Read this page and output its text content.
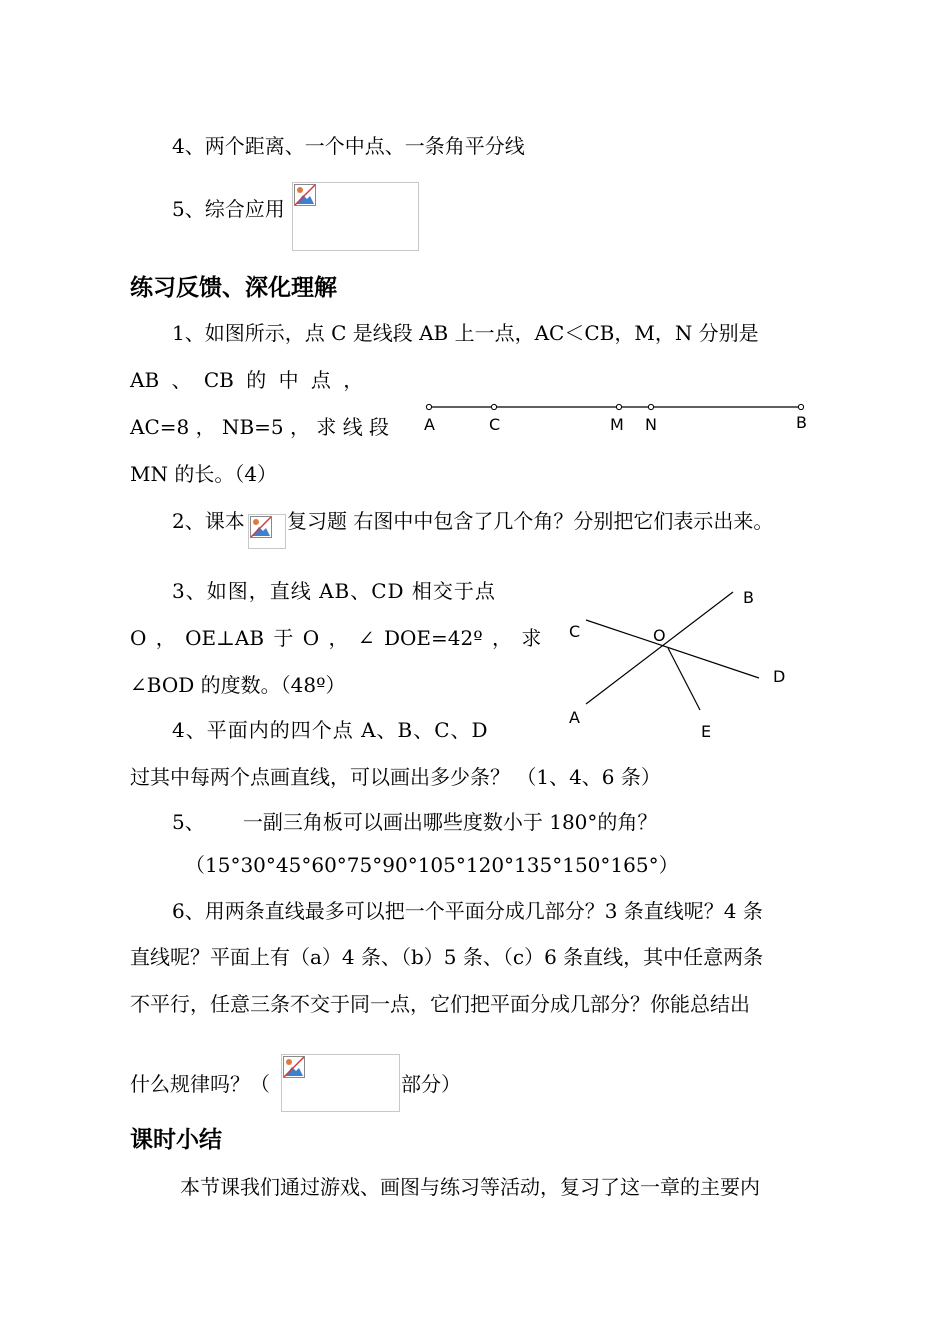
4、两个距离、一个中点、一条角平分线
5、综合应用
练习反馈、深化理解
1、如图所示，点 C 是线段 AB 上一点，AC＜CB，M，N 分别是
AB 、 CB 的 中 点 ，
AC=8 ， NB=5 ， 求 线 段
MN 的长。（4）
A	C	M N	B
2、课本 复习题 右图中中包含了几个角？分别把它们表示出来。
3、如图，直线 AB、CD 相交于点
O ， OE⊥AB 于 O ， ∠ DOE=42º ， 求
∠BOD 的度数。（48º）
B
C	O
D
A
E
4、平面内的四个点 A、B、C、D
过其中每两个点画直线，可以画出多少条？ （1、4、6 条）
5、      一副三角板可以画出哪些度数小于 180°的角？
（15°30°45°60°75°90°105°120°135°150°165°）
6、用两条直线最多可以把一个平面分成几部分？3 条直线呢？4 条
直线呢？平面上有（a）4 条、（b）5 条、（c）6 条直线，其中任意两条
不平行，任意三条不交于同一点，它们把平面分成几部分？你能总结出
什么规律吗？（	部分）
课时小结
本节课我们通过游戏、画图与练习等活动，复习了这一章的主要内
